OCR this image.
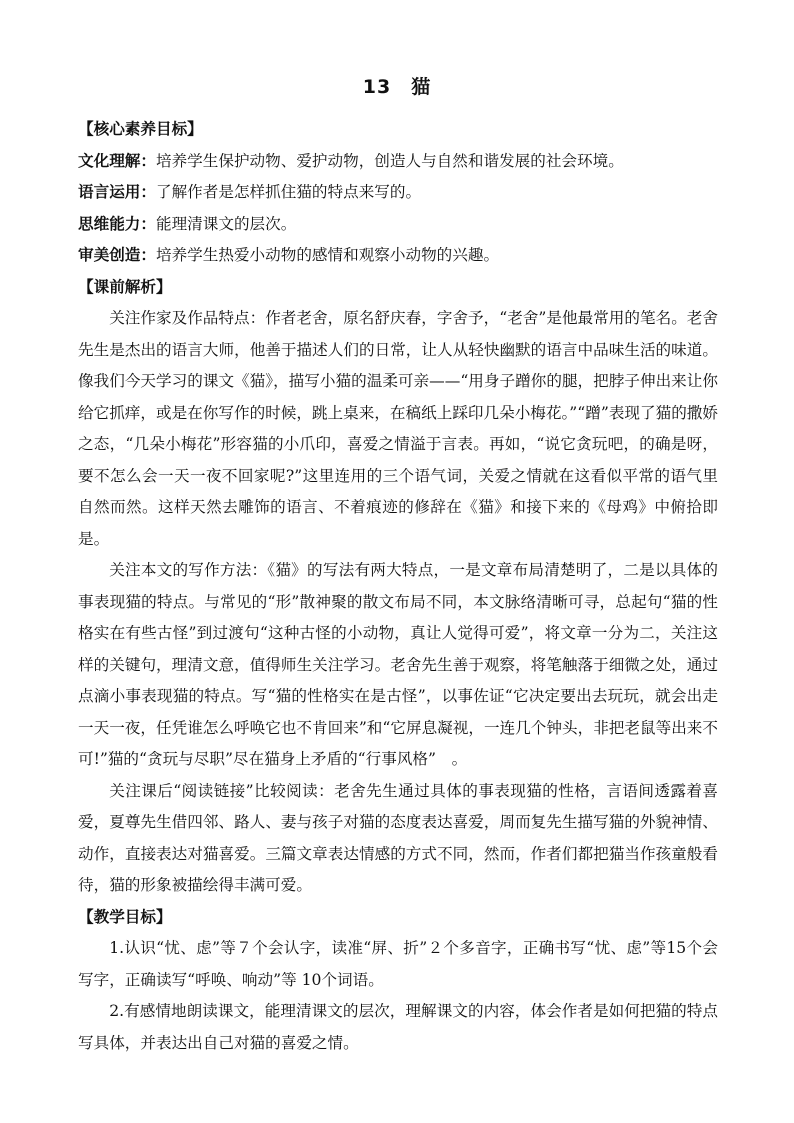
13　猫
【核心素养目标】
文化理解：培养学生保护动物、爱护动物，创造人与自然和谐发展的社会环境。
语言运用：了解作者是怎样抓住猫的特点来写的。
思维能力：能理清课文的层次。
审美创造：培养学生热爱小动物的感情和观察小动物的兴趣。
【课前解析】
关注作家及作品特点：作者老舍，原名舒庆春，字舍予，“老舍”是他最常用的笔名。老舍先生是杰出的语言大师，他善于描述人们的日常，让人从轻快幽默的语言中品味生活的味道。像我们今天学习的课文《猫》，描写小猫的温柔可亲——“用身子蹭你的腿，把脖子伸出来让你给它抓痒，或是在你写作的时候，跳上桌来，在稿纸上踩印几朵小梅花。”“蹭”表现了猫的撒娇之态，“几朵小梅花”形容猫的小爪印，喜爱之情溢于言表。再如，“说它贪玩吧，的确是呀，要不怎么会一天一夜不回家呢?”这里连用的三个语气词，关爱之情就在这看似平常的语气里自然而然。这样天然去雕饰的语言、不着痕迹的修辞在《猫》和接下来的《母鸡》中俯拾即是。
关注本文的写作方法：《猫》的写法有两大特点，一是文章布局清楚明了，二是以具体的事表现猫的特点。与常见的“形”散神聚的散文布局不同，本文脉络清晰可寻，总起句“猫的性格实在有些古怪”到过渡句“这种古怪的小动物，真让人觉得可爱”，将文章一分为二，关注这样的关键句，理清文意，值得师生关注学习。老舍先生善于观察，将笔触落于细微之处，通过点滴小事表现猫的特点。写“猫的性格实在是古怪”，以事佐证“它决定要出去玩玩，就会出走一天一夜，任凭谁怎么呼唤它也不肯回来”和“它屏息凝视，一连几个钟头，非把老鼠等出来不可!”猫的“贪玩与尽职”尽在猫身上矛盾的“行事风格”　。
关注课后“阅读链接”比较阅读：老舍先生通过具体的事表现猫的性格，言语间透露着喜爱，夏尊先生借四邻、路人、妻与孩子对猫的态度表达喜爱，周而复先生描写猫的外貌神情、动作，直接表达对猫喜爱。三篇文章表达情感的方式不同，然而，作者们都把猫当作孩童般看待，猫的形象被描绘得丰满可爱。
【教学目标】
1.认识“忧、虑”等７个会认字，读准“屏、折”２个多音字，正确书写“忧、虑”等15个会写字，正确读写“呼唤、响动”等 10个词语。
2.有感情地朗读课文，能理清课文的层次，理解课文的内容，体会作者是如何把猫的特点写具体，并表达出自己对猫的喜爱之情。
